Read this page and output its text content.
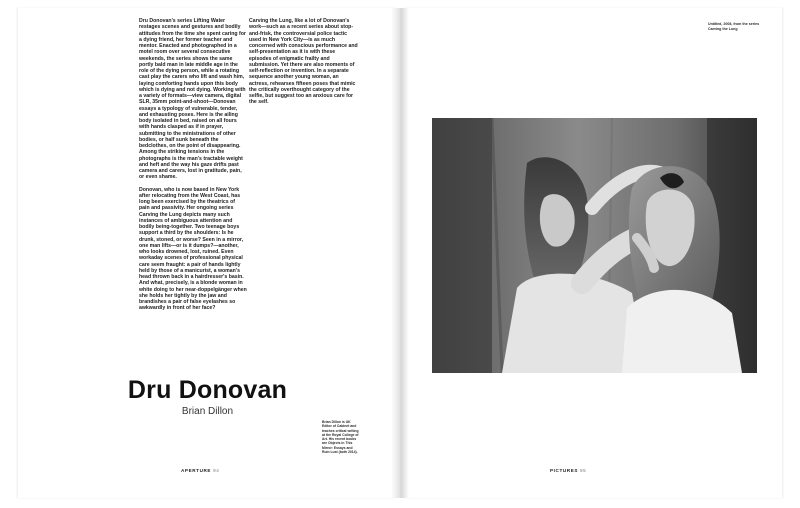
Dru Donovan's series Lifting Water restages scenes and gestures and bodily attitudes from the time she spent caring for a dying friend, her former teacher and mentor. Enacted and photographed in a motel room over several consecutive weekends, the series shows the same portly bald man in late middle age in the role of the dying person, while a rotating cast play the carers who lift and wash him, laying comforting hands upon this body which is dying and not dying. Working with a variety of formats—view camera, digital SLR, 35mm point-and-shoot—Donovan essays a typology of vulnerable, tender, and exhausting poses. Here is the ailing body isolated in bed, raised on all fours with hands clasped as if in prayer, submitting to the ministrations of other bodies, or half sunk beneath the bedclothes, on the point of disappearing. Among the striking tensions in the photographs is the man's tractable weight and heft and the way his gaze drifts past camera and carers, lost in gratitude, pain, or even shame.

Donovan, who is now based in New York after relocating from the West Coast, has long been exercised by the theatrics of pain and passivity. Her ongoing series Carving the Lung depicts many such instances of ambiguous attention and bodily being-together. Two teenage boys support a third by the shoulders: Is he drunk, stoned, or worse? Seen in a mirror, one man lifts—or is it dumps?—another, who looks drowned, lost, ruined. Even workaday scenes of professional physical care seem fraught: a pair of hands lightly held by those of a manicurist, a woman's head thrown back in a hairdresser's basin. And what, precisely, is a blonde woman in white doing to her near-doppelgänger when she holds her tightly by the jaw and brandishes a pair of false eyelashes so awkwardly in front of her face?

Carving the Lung, like a lot of Donovan's work—such as a recent series about stop-and-frisk, the controversial police tactic used in New York City—is as much concerned with conscious performance and self-presentation as it is with these episodes of enigmatic frailty and submission. Yet there are also moments of self-reflection or invention. In a separate sequence another young woman, an actress, rehearses fifteen poses that mimic the critically overthought category of the selfie, but suggest too an anxious care for the self.

Dru Donovan
Brian Dillon
Brian Dillon is UK Editor of Cabinet and teaches critical writing at the Royal College of Art. His recent books are Objects in This Mirror: Essays and Ruin Lust (both 2014).
APERTURE 94
Untitled, 2008, from the series Carving the Lung
PICTURES 95
